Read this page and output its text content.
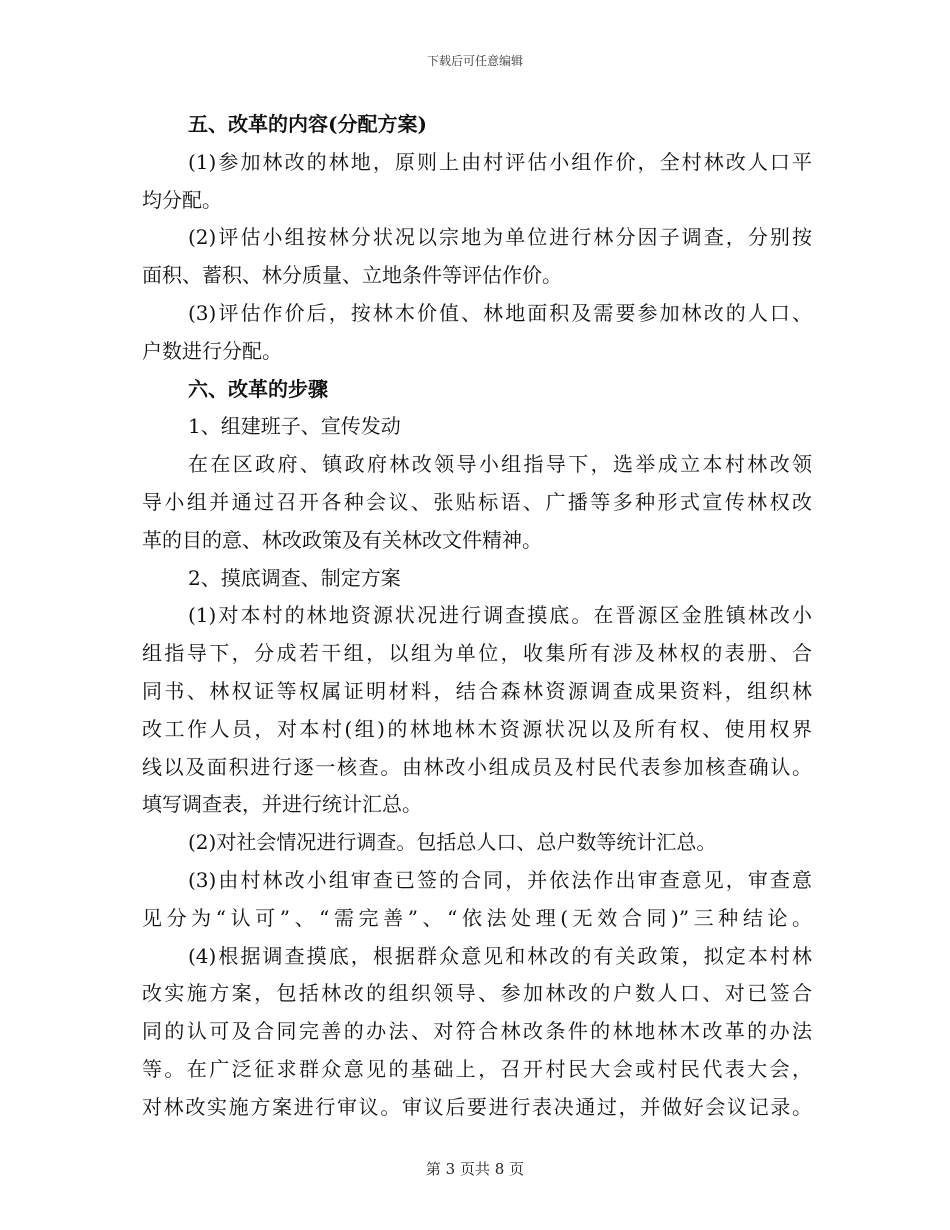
下载后可任意编辑
五、改革的内容(分配方案)
(1)参加林改的林地，原则上由村评估小组作价，全村林改人口平
均分配。
(2)评估小组按林分状况以宗地为单位进行林分因子调查，分别按
面积、蓄积、林分质量、立地条件等评估作价。
(3)评估作价后，按林木价值、林地面积及需要参加林改的人口、
户数进行分配。
六、改革的步骤
1、组建班子、宣传发动
在在区政府、镇政府林改领导小组指导下，选举成立本村林改领
导小组并通过召开各种会议、张贴标语、广播等多种形式宣传林权改
革的目的意、林改政策及有关林改文件精神。
2、摸底调查、制定方案
(1)对本村的林地资源状况进行调查摸底。在晋源区金胜镇林改小
组指导下，分成若干组，以组为单位，收集所有涉及林权的表册、合
同书、林权证等权属证明材料，结合森林资源调查成果资料，组织林
改工作人员，对本村(组)的林地林木资源状况以及所有权、使用权界
线以及面积进行逐一核查。由林改小组成员及村民代表参加核查确认。
填写调查表，并进行统计汇总。
(2)对社会情况进行调查。包括总人口、总户数等统计汇总。
(3)由村林改小组审查已签的合同，并依法作出审查意见，审查意
见分为“认可”、“需完善”、“依法处理(无效合同)”三种结论。
(4)根据调查摸底，根据群众意见和林改的有关政策，拟定本村林
改实施方案，包括林改的组织领导、参加林改的户数人口、对已签合
同的认可及合同完善的办法、对符合林改条件的林地林木改革的办法
等。在广泛征求群众意见的基础上，召开村民大会或村民代表大会，
对林改实施方案进行审议。审议后要进行表决通过，并做好会议记录。
第 3 页共 8 页
